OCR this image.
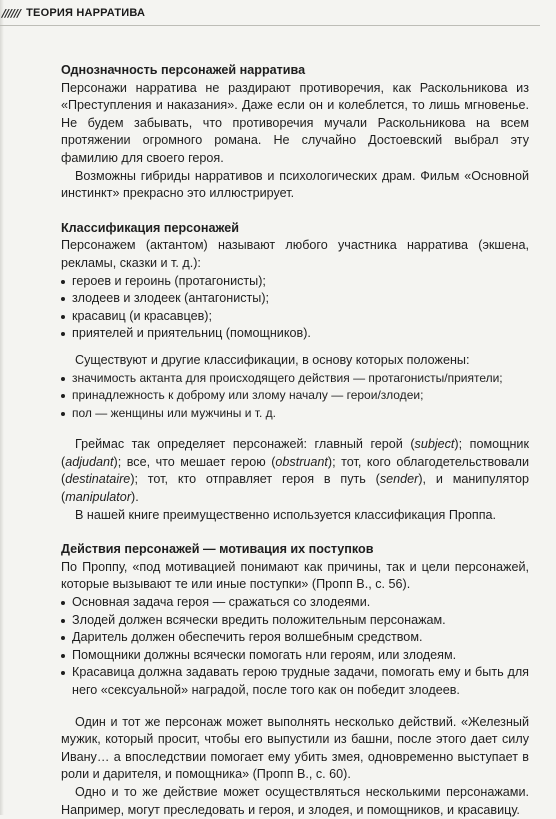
////// ТЕОРИЯ НАРРАТИВА
Однозначность персонажей нарратива

Персонажи нарратива не раздирают противоречия, как Раскольникова из «Преступления и наказания». Даже если он и колеблется, то лишь мгновенье. Не будем забывать, что противоречия мучали Раскольникова на всем протяжении огромного романа. Не случайно Достоевский выбрал эту фамилию для своего героя.

Возможны гибриды нарративов и психологических драм. Фильм «Основной инстинкт» прекрасно это иллюстрирует.

Классификация персонажей

Персонажем (актантом) называют любого участника нарратива (экшена, рекламы, сказки и т. д.):

героев и героинь (протагонисты);
злодеев и злодеек (антагонисты);
красавиц (и красавцев);
приятелей и приятельниц (помощников).

Существуют и другие классификации, в основу которых положены:

значимость актанта для происходящего действия — протагонисты/приятели;
принадлежность к доброму или злому началу — герои/злодеи;
пол — женщины или мужчины и т. д.

Греймас так определяет персонажей: главный герой (subject); помощник (adjudant); все, что мешает герою (obstruant); тот, кого облагодетельствовали (destinataire); тот, кто отправляет героя в путь (sender), и манипулятор (manipulator).

В нашей книге преимущественно используется классификация Проппа.

Действия персонажей — мотивация их поступков

По Проппу, «под мотивацией понимают как причины, так и цели персонажей, которые вызывают те или иные поступки» (Пропп В., с. 56).

Основная задача героя — сражаться со злодеями.
Злодей должен всячески вредить положительным персонажам.
Даритель должен обеспечить героя волшебным средством.
Помощники должны всячески помогать нли героям, или злодеям.
Красавица должна задавать герою трудные задачи, помогать ему и быть для него «сексуальной» наградой, после того как он победит злодеев.

Один и тот же персонаж может выполнять несколько действий. «Железный мужик, который просит, чтобы его выпустили из башни, после этого дает силу Ивану… а впоследствии помогает ему убить змея, одновременно выступает в роли и дарителя, и помощника» (Пропп В., с. 60).

Одно и то же действие может осуществляться несколькими персонажами. Например, могут преследовать и героя, и злодея, и помощников, и красавицу.
